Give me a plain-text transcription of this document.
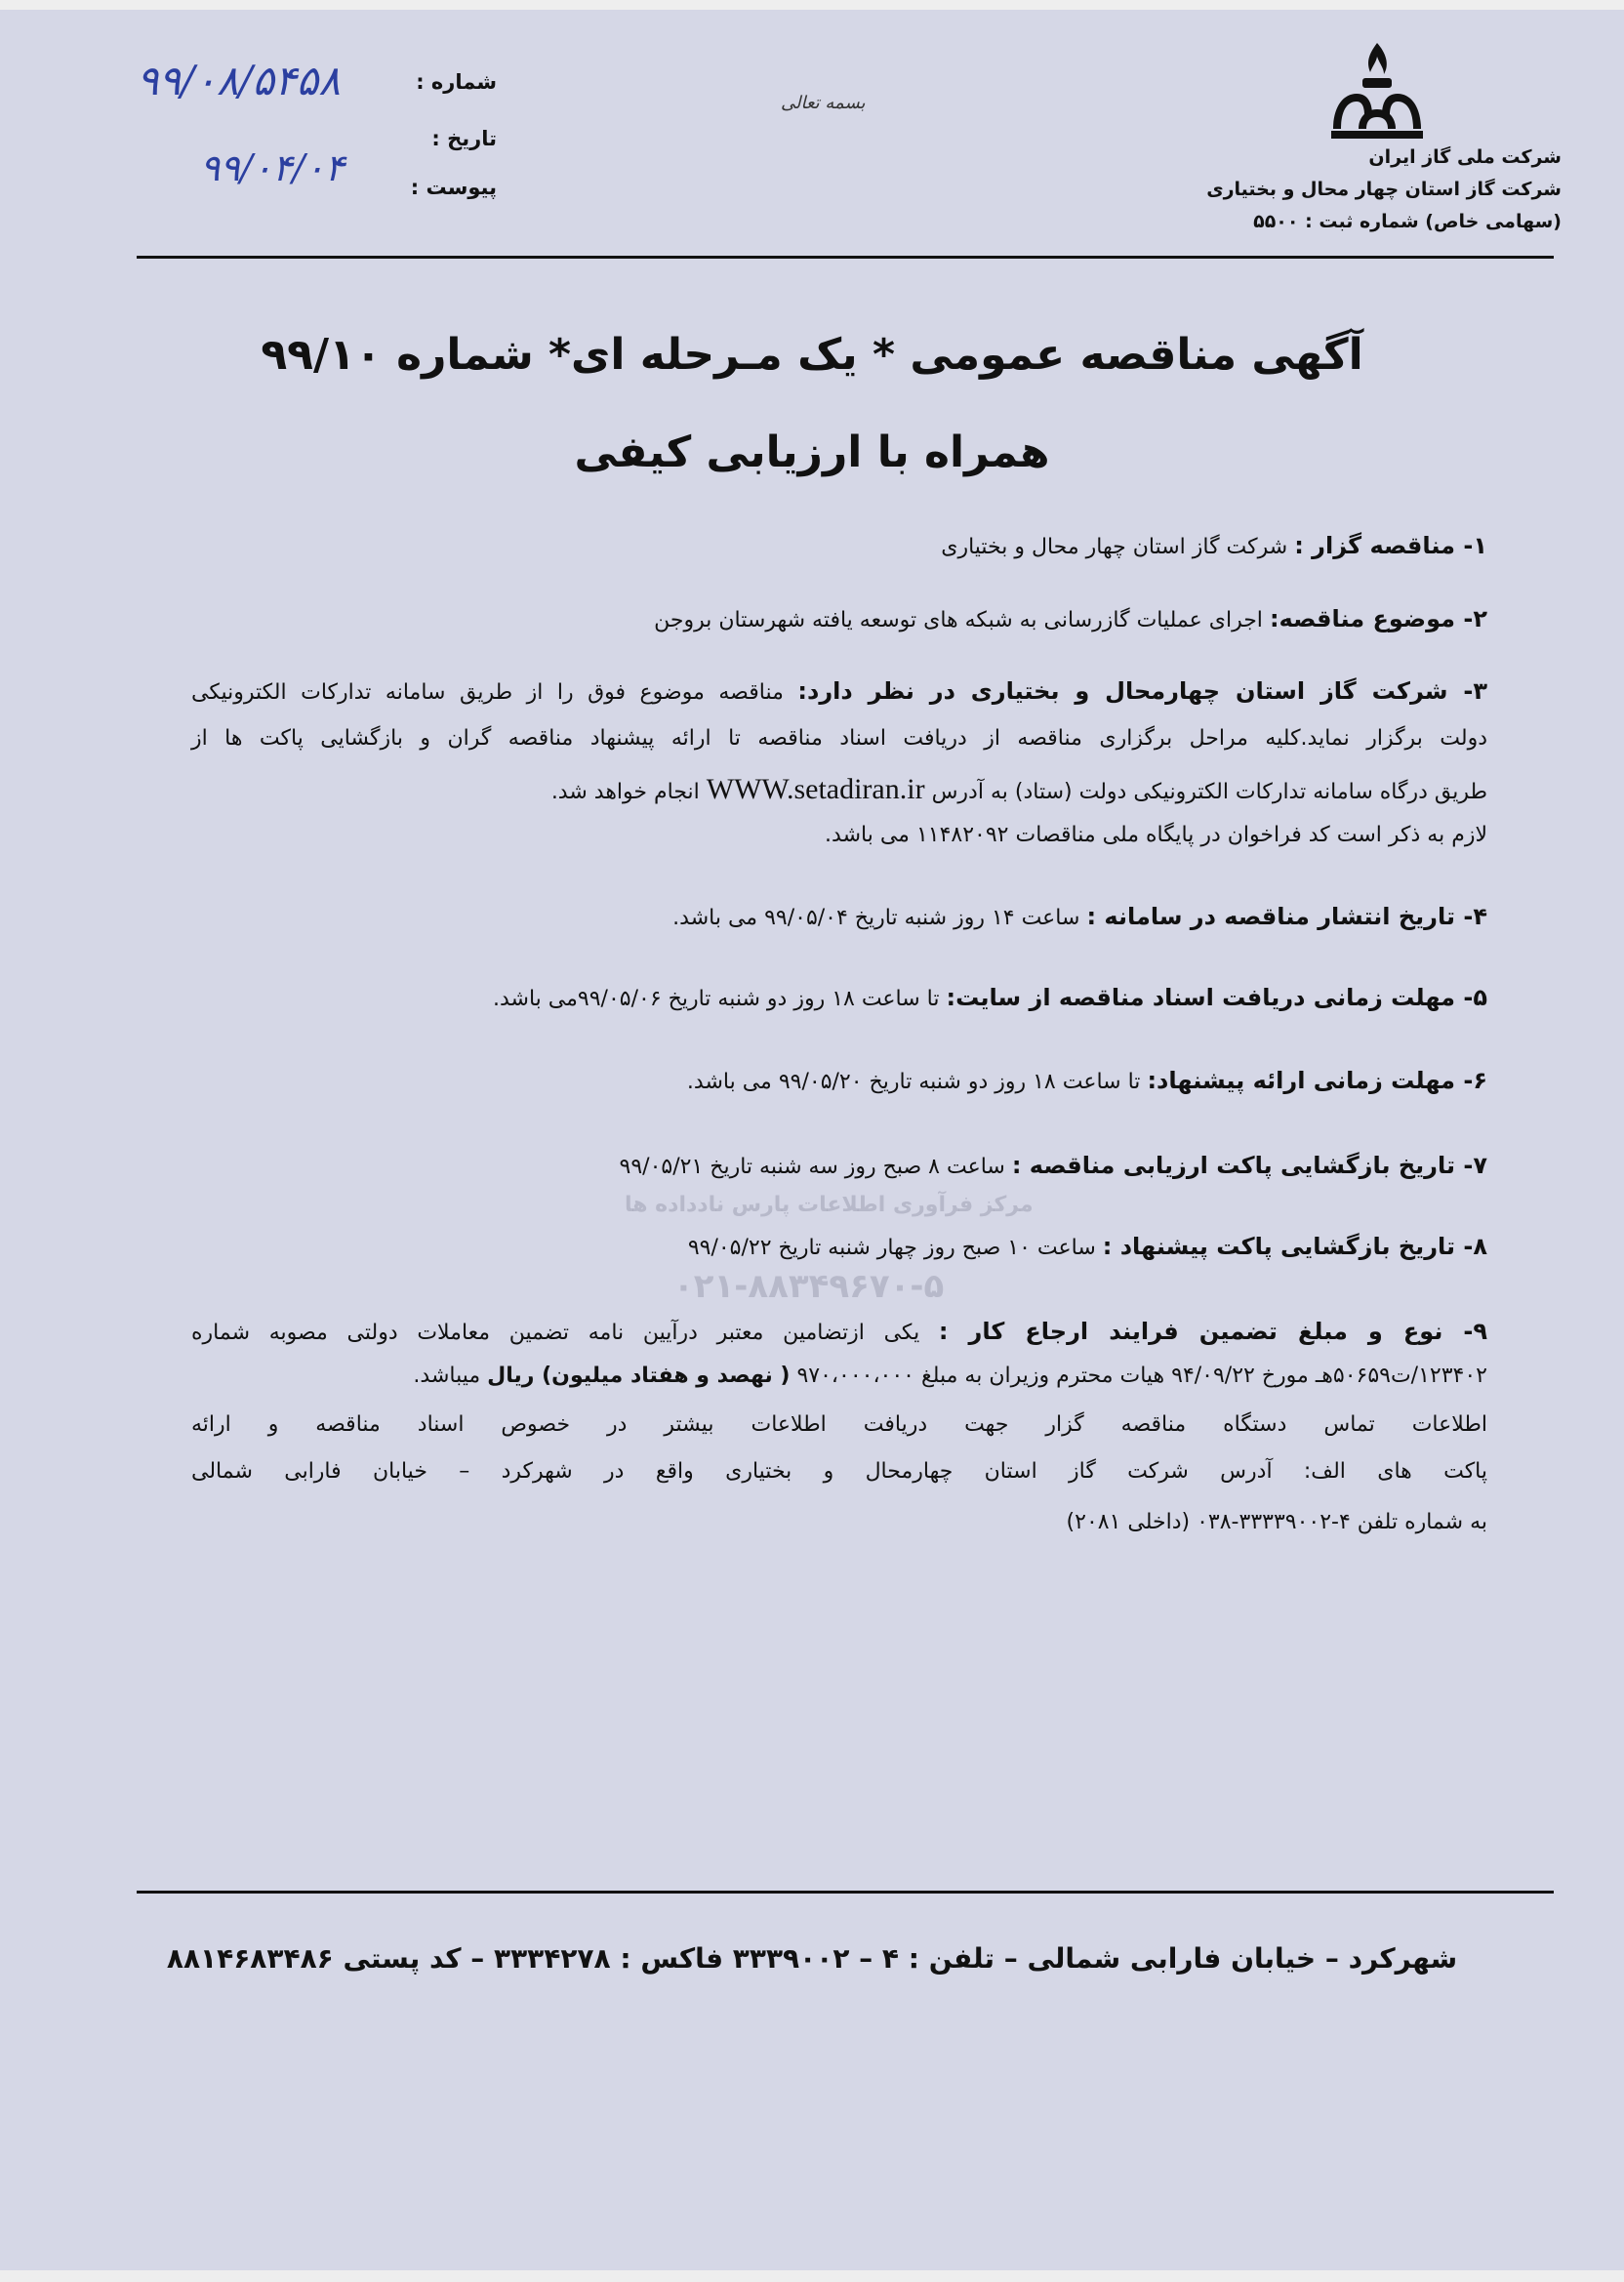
شماره :
تاریخ :
پیوست :
۹۹/۰۸/۵۴۵۸
۹۹/۰۴/۰۴
بسمه تعالی
شرکت ملی گاز ایران
شرکت گاز استان چهار محال و بختیاری
(سهامی خاص) شماره ثبت : ۵۵۰۰
آگهی مناقصه عمومی * یک مـرحله ای* شماره ۹۹/۱۰
همراه با ارزیابی کیفی
مرکز فرآوری اطلاعات پارس نادداده ها
۰۲۱-۸۸۳۴۹۶۷۰-۵
۱- مناقصه گزار : شرکت گاز استان چهار محال و بختیاری
۲- موضوع مناقصه: اجرای عملیات گازرسانی به شبکه های توسعه یافته شهرستان بروجن
۳- شرکت گاز استان چهارمحال و بختیاری در نظر دارد: مناقصه موضوع فوق را از طریق سامانه تدارکات الکترونیکی
دولت برگزار نماید.کلیه مراحل برگزاری مناقصه از دریافت اسناد مناقصه تا ارائه پیشنهاد مناقصه گران و بازگشایی پاکت ها از
طریق درگاه سامانه تدارکات الکترونیکی دولت (ستاد) به آدرس WWW.setadiran.ir انجام خواهد شد.
لازم به ذکر است کد فراخوان در پایگاه ملی مناقصات ۱۱۴۸۲۰۹۲ می باشد.
۴- تاریخ انتشار مناقصه در سامانه : ساعت ۱۴ روز شنبه تاریخ ۹۹/۰۵/۰۴ می باشد.
۵- مهلت زمانی دریافت اسناد مناقصه از سایت: تا ساعت ۱۸ روز دو شنبه تاریخ ۹۹/۰۵/۰۶می باشد.
۶- مهلت زمانی ارائه پیشنهاد: تا ساعت ۱۸ روز دو شنبه تاریخ ۹۹/۰۵/۲۰ می باشد.
۷- تاریخ بازگشایی پاکت ارزیابی مناقصه : ساعت ۸ صبح روز سه شنبه تاریخ ۹۹/۰۵/۲۱
۸- تاریخ بازگشایی پاکت پیشنهاد : ساعت ۱۰ صبح روز چهار شنبه تاریخ ۹۹/۰۵/۲۲
۹- نوع و مبلغ تضمین فرایند ارجاع کار : یکی ازتضامین معتبر درآیین نامه تضمین معاملات دولتی مصوبه شماره
۱۲۳۴۰۲/ت۵۰۶۵۹هـ مورخ ۹۴/۰۹/۲۲ هیات محترم وزیران به مبلغ ۹۷۰،۰۰۰،۰۰۰ ( نهصد و هفتاد میلیون) ریال میباشد.
اطلاعات تماس دستگاه مناقصه گزار جهت دریافت اطلاعات بیشتر در خصوص اسناد مناقصه و ارائه
پاکت های الف: آدرس شرکت گاز استان چهارمحال و بختیاری واقع در شهرکرد – خیابان فارابی شمالی
به شماره تلفن ۴-۳۳۳۳۹۰۰۲-۰۳۸ (داخلی ۲۰۸۱)
شهرکرد – خیابان فارابی شمالی – تلفن : ۴ – ۳۳۳۹۰۰۲ فاکس : ۳۳۳۴۲۷۸ – کد پستی ۸۸۱۴۶۸۳۴۸۶
